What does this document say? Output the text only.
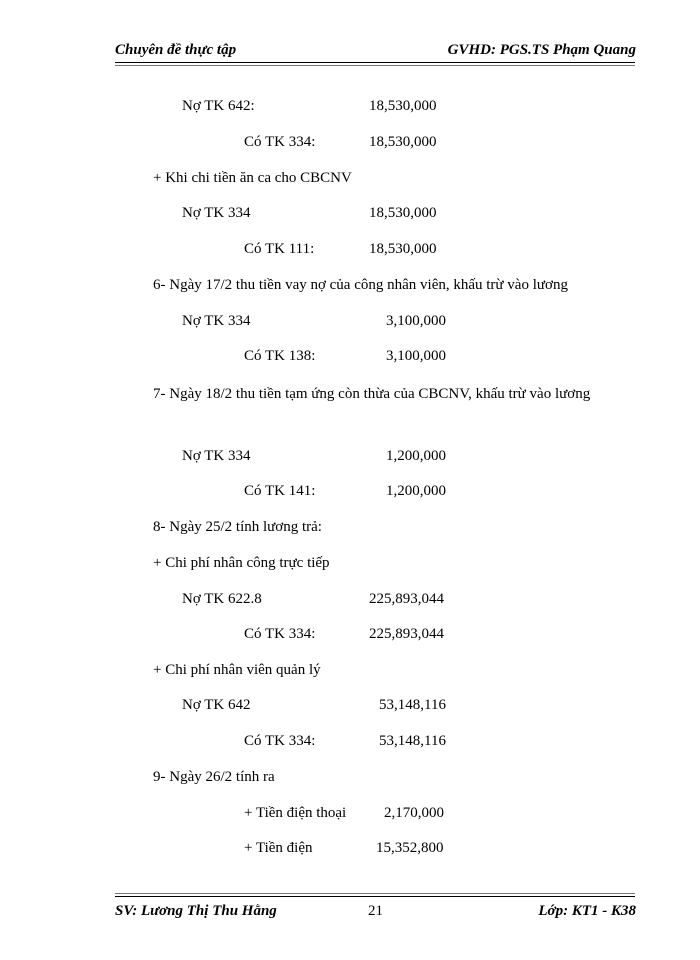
Chuyên đề thực tập	GVHD: PGS.TS Phạm Quang
Nợ TK 642:	18,530,000
Có TK 334:	18,530,000
+ Khi chi tiền ăn ca cho CBCNV
Nợ TK 334	18,530,000
Có TK 111:	18,530,000
6- Ngày 17/2 thu tiền vay nợ của công nhân viên, khấu trừ vào lương
Nợ TK 334	3,100,000
Có TK 138:	3,100,000
7- Ngày 18/2 thu tiền tạm ứng còn thừa của CBCNV, khấu trừ vào lương
Nợ TK 334	1,200,000
Có TK 141:	1,200,000
8- Ngày 25/2 tính lương trả:
+ Chi phí nhân công trực tiếp
Nợ TK 622.8	225,893,044
Có TK 334:	225,893,044
+ Chi phí nhân viên quản lý
Nợ TK 642	53,148,116
Có TK 334:	53,148,116
9- Ngày 26/2 tính ra
+ Tiền điện thoại	2,170,000
+ Tiền điện	15,352,800
SV: Lương Thị Thu Hằng	21	Lớp: KT1 - K38
